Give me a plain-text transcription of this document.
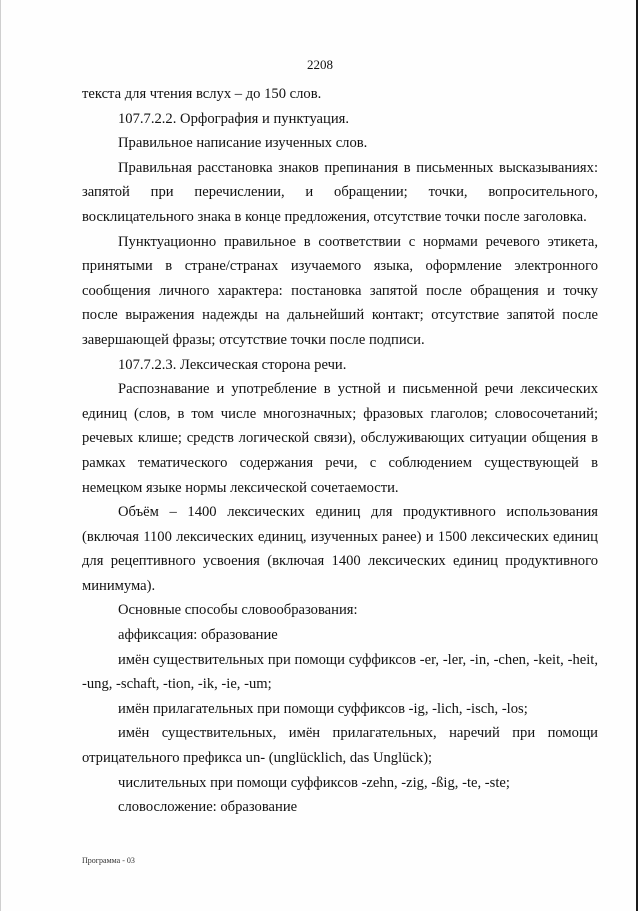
2208

текста для чтения вслух – до 150 слов.

107.7.2.2. Орфография и пунктуация.

Правильное написание изученных слов.

Правильная расстановка знаков препинания в письменных высказываниях: запятой при перечислении, и обращении; точки, вопросительного, восклицательного знака в конце предложения, отсутствие точки после заголовка.

Пунктуационно правильное в соответствии с нормами речевого этикета, принятыми в стране/странах изучаемого языка, оформление электронного сообщения личного характера: постановка запятой после обращения и точку после выражения надежды на дальнейший контакт; отсутствие запятой после завершающей фразы; отсутствие точки после подписи.

107.7.2.3. Лексическая сторона речи.

Распознавание и употребление в устной и письменной речи лексических единиц (слов, в том числе многозначных; фразовых глаголов; словосочетаний; речевых клише; средств логической связи), обслуживающих ситуации общения в рамках тематического содержания речи, с соблюдением существующей в немецком языке нормы лексической сочетаемости.

Объём – 1400 лексических единиц для продуктивного использования (включая 1100 лексических единиц, изученных ранее) и 1500 лексических единиц для рецептивного усвоения (включая 1400 лексических единиц продуктивного минимума).

Основные способы словообразования:

аффиксация: образование

имён существительных при помощи суффиксов -er, -ler, -in, -chen, -keit, -heit, -ung, -schaft, -tion, -ik, -ie, -um;

имён прилагательных при помощи суффиксов -ig, -lich, -isch, -los;

имён существительных, имён прилагательных, наречий при помощи отрицательного префикса un- (unglücklich, das Unglück);

числительных при помощи суффиксов -zehn, -zig, -ßig, -te, -ste;

словосложение: образование

Программа - 03
